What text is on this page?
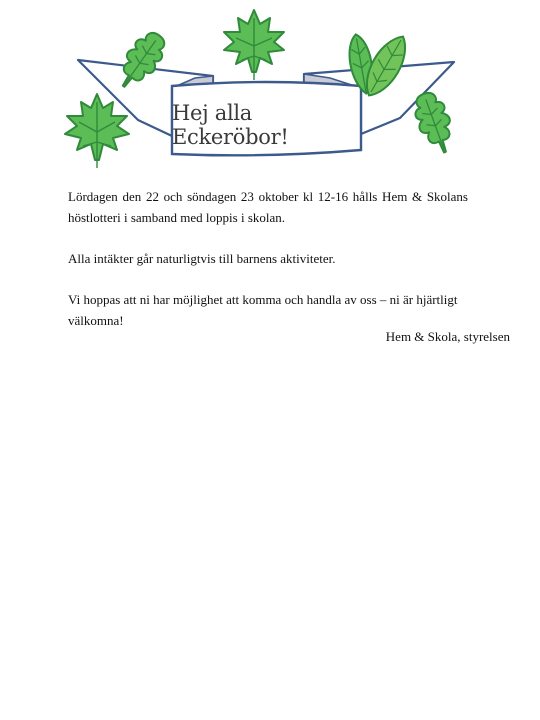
Hej alla Eckeröbor!

Lördagen den 22 och söndagen 23 oktober kl 12-16 hålls Hem & Skolans höstlotteri i samband med loppis i skolan.

Alla intäkter går naturligtvis till barnens aktiviteter.

Vi hoppas att ni har möjlighet att komma och handla av oss – ni är hjärtligt välkomna!

Hem & Skola, styrelsen
